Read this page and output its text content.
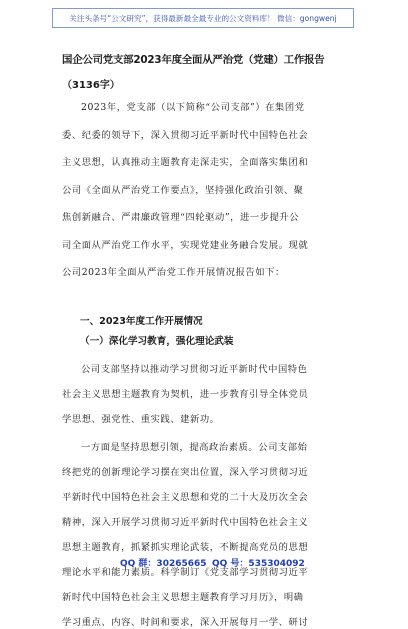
关注头条号“公文研究”，获得最新最全最专业的公文资料库！ 微信：gongwenj
国企公司党支部2023年度全面从严治党（党建）工作报告
（3136字）
2023年，党支部（以下简称“公司支部”）在集团党
委、纪委的领导下，深入贯彻习近平新时代中国特色社会
主义思想，认真推动主题教育走深走实，全面落实集团和
公司《全面从严治党工作要点》，坚持强化政治引领、聚
焦创新融合、严肃廉政管理“四轮驱动”，进一步提升公
司全面从严治党工作水平，实现党建业务融合发展。现就
公司2023年全面从严治党工作开展情况报告如下：
一、2023年度工作开展情况
（一）深化学习教育，强化理论武装
公司支部坚持以推动学习贯彻习近平新时代中国特色
社会主义思想主题教育为契机，进一步教育引导全体党员
学思想、强党性、重实践、建新功。
一方面是坚持思想引领，提高政治素质。公司支部始
终把党的创新理论学习摆在突出位置，深入学习贯彻习近
平新时代中国特色社会主义思想和党的二十大及历次全会
精神，深入开展学习贯彻习近平新时代中国特色社会主义
思想主题教育，抓紧抓实理论武装，不断提高党员的思想
理论水平和能力素质。科学制订《党支部学习贯彻习近平
新时代中国特色社会主义思想主题教育学习月历》，明确
学习重点、内容、时间和要求，深入开展每月一学、研讨
QQ 群：30265665 QQ 号：535304092
